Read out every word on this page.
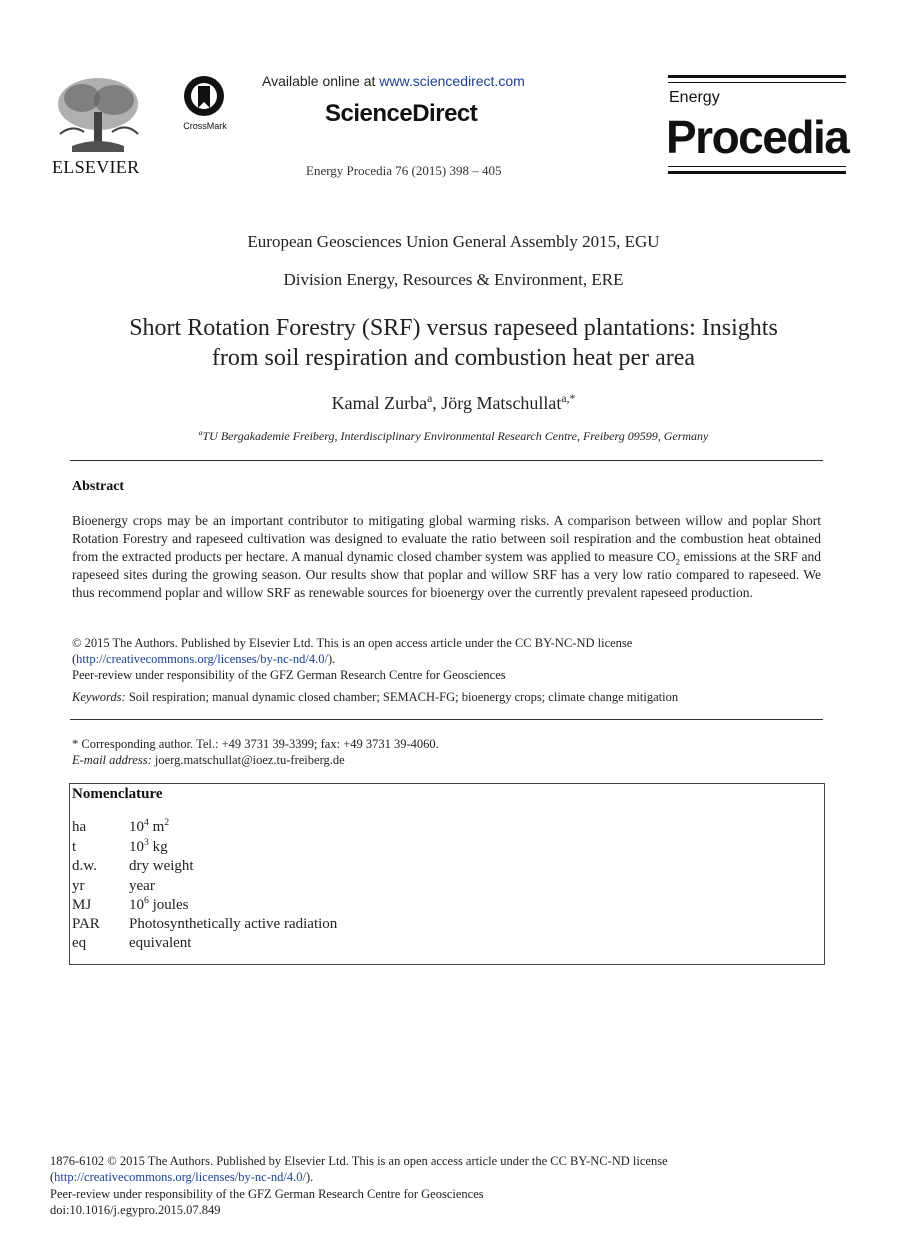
ELSEVIER
CrossMark
Available online at www.sciencedirect.com
ScienceDirect
Energy Procedia 76 (2015) 398 – 405
Energy
Procedia
European Geosciences Union General Assembly 2015, EGU
Division Energy, Resources & Environment, ERE
Short Rotation Forestry (SRF) versus rapeseed plantations: Insights
from soil respiration and combustion heat per area
Kamal Zurba$^a$, Jörg Matschullat$^{a,*}$
$^a$TU Bergakademie Freiberg, Interdisciplinary Environmental Research Centre, Freiberg 09599, Germany
Abstract
Bioenergy crops may be an important contributor to mitigating global warming risks. A comparison between willow and poplar Short Rotation Forestry and rapeseed cultivation was designed to evaluate the ratio between soil respiration and the combustion heat obtained from the extracted products per hectare. A manual dynamic closed chamber system was applied to measure $CO_2$ emissions at the SRF and rapeseed sites during the growing season. Our results show that poplar and willow SRF has a very low ratio compared to rapeseed. We thus recommend poplar and willow SRF as renewable sources for bioenergy over the currently prevalent rapeseed production.
© 2015 The Authors. Published by Elsevier Ltd. This is an open access article under the CC BY-NC-ND license
(http://creativecommons.org/licenses/by-nc-nd/4.0/).
Peer-review under responsibility of the GFZ German Research Centre for Geosciences
Keywords: Soil respiration; manual dynamic closed chamber; SEMACH-FG; bioenergy crops; climate change mitigation
* Corresponding author. Tel.: +49 3731 39-3399; fax: +49 3731 39-4060.
E-mail address: joerg.matschullat@ioez.tu-freiberg.de
Nomenclature
ha	$10^4$ $m^2$
t	$10^3$ kg
d.w. dry weight
yr	year
MJ	$10^6$ joules
PAR Photosynthetically active radiation
eq	equivalent
1876-6102 © 2015 The Authors. Published by Elsevier Ltd. This is an open access article under the CC BY-NC-ND license
(http://creativecommons.org/licenses/by-nc-nd/4.0/).
Peer-review under responsibility of the GFZ German Research Centre for Geosciences
doi:10.1016/j.egypro.2015.07.849
